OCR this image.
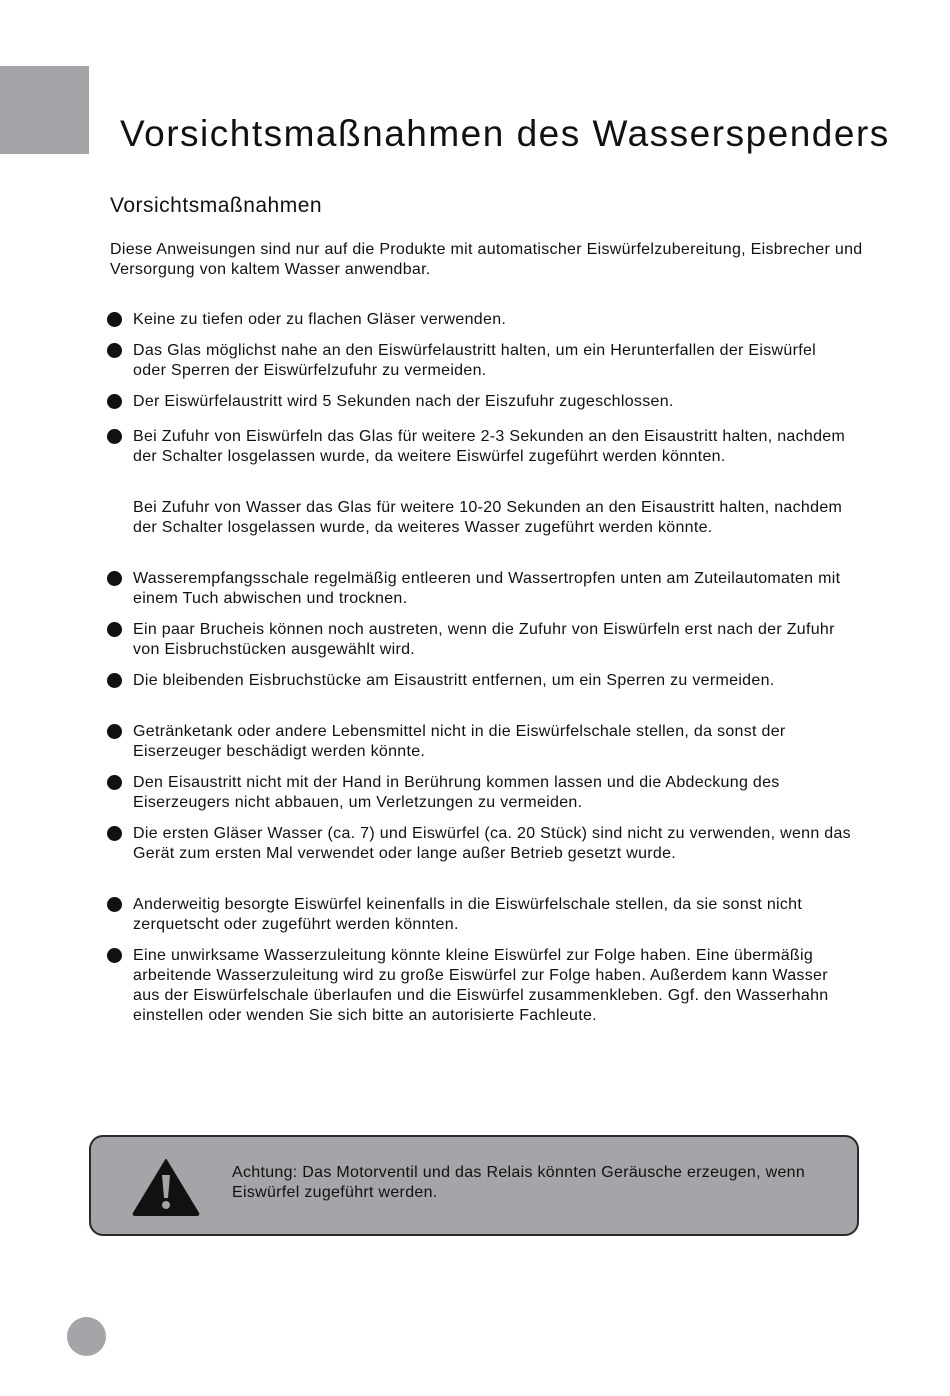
Vorsichtsmaßnahmen des Wasserspenders
Vorsichtsmaßnahmen

Diese Anweisungen sind nur auf die Produkte mit automatischer Eiswürfelzubereitung, Eisbrecher und Versorgung von kaltem Wasser anwendbar.

Keine zu tiefen oder zu flachen Gläser verwenden.

Das Glas möglichst nahe an den Eiswürfelaustritt halten, um ein Herunterfallen der Eiswürfel oder Sperren der Eiswürfelzufuhr zu vermeiden.

Der Eiswürfelaustritt wird 5 Sekunden nach der Eiszufuhr zugeschlossen.

Bei Zufuhr von Eiswürfeln das Glas für weitere 2-3 Sekunden an den Eisaustritt halten, nachdem der Schalter losgelassen wurde, da weitere Eiswürfel zugeführt werden könnten.

Bei Zufuhr von Wasser das Glas für weitere 10-20 Sekunden an den Eisaustritt halten, nachdem der Schalter losgelassen wurde, da weiteres Wasser zugeführt werden könnte.

Wasserempfangsschale regelmäßig entleeren und Wassertropfen unten am Zuteilautomaten mit einem Tuch abwischen und trocknen.

Ein paar Brucheis können noch austreten, wenn die Zufuhr von Eiswürfeln erst nach der Zufuhr von Eisbruchstücken ausgewählt wird.

Die bleibenden Eisbruchstücke am Eisaustritt entfernen, um ein Sperren zu vermeiden.

Getränketank oder andere Lebensmittel nicht in die Eiswürfelschale stellen, da sonst der Eiserzeuger beschädigt werden könnte.

Den Eisaustritt nicht mit der Hand in Berührung kommen lassen und die Abdeckung des Eiserzeugers nicht abbauen, um Verletzungen zu vermeiden.

Die ersten Gläser Wasser (ca. 7) und Eiswürfel (ca. 20 Stück) sind nicht zu verwenden, wenn das Gerät zum ersten Mal verwendet oder lange außer Betrieb gesetzt wurde.

Anderweitig besorgte Eiswürfel keinenfalls in die Eiswürfelschale stellen, da sie sonst nicht zerquetscht oder zugeführt werden könnten.

Eine unwirksame Wasserzuleitung könnte kleine Eiswürfel zur Folge haben. Eine übermäßig arbeitende Wasserzuleitung wird zu große Eiswürfel zur Folge haben. Außerdem kann Wasser aus der Eiswürfelschale überlaufen und die Eiswürfel zusammenkleben. Ggf. den Wasserhahn einstellen oder wenden Sie sich bitte an autorisierte Fachleute.

Achtung: Das Motorventil und das Relais könnten Geräusche erzeugen, wenn Eiswürfel zugeführt werden.
